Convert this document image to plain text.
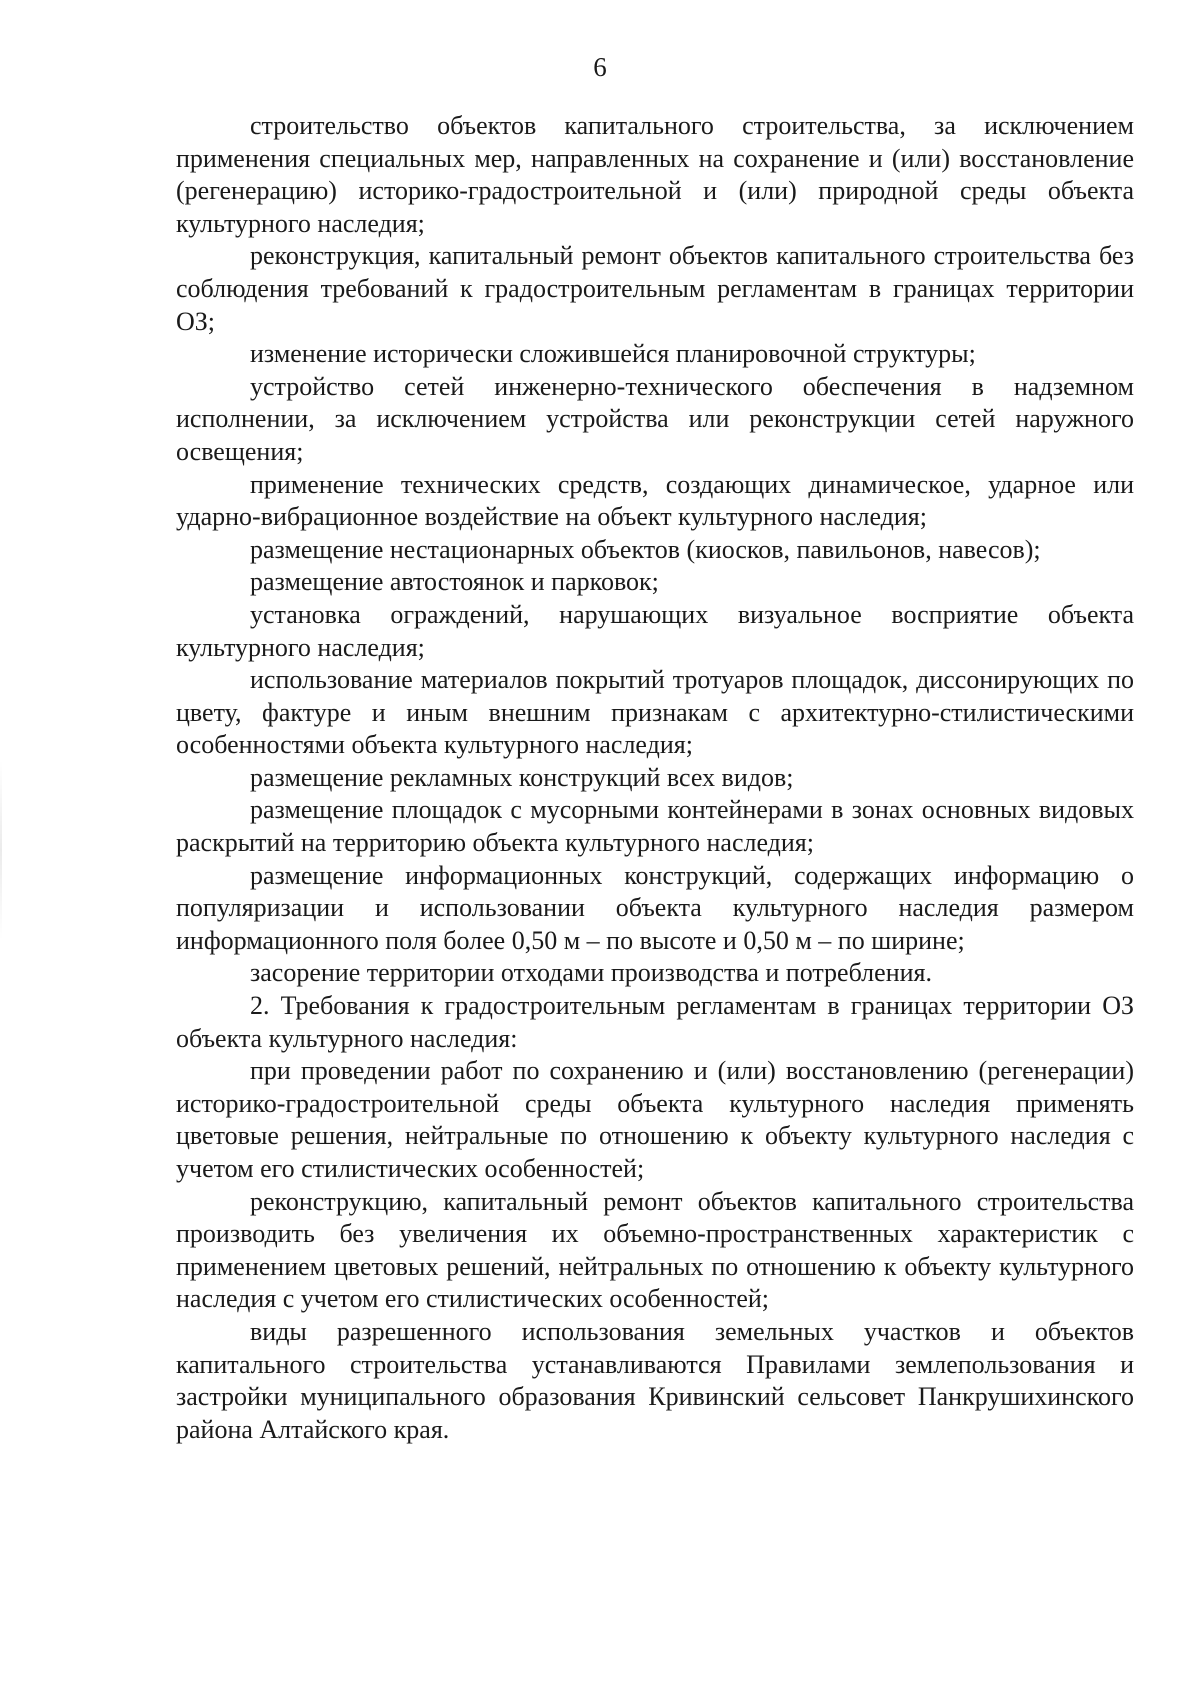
6

строительство объектов капитального строительства, за исключением применения специальных мер, направленных на сохранение и (или) восстановление (регенерацию) историко-градостроительной и (или) природной среды объекта культурного наследия;

реконструкция, капитальный ремонт объектов капитального строительства без соблюдения требований к градостроительным регламентам в границах территории ОЗ;

изменение исторически сложившейся планировочной структуры;

устройство сетей инженерно-технического обеспечения в надземном исполнении, за исключением устройства или реконструкции сетей наружного освещения;

применение технических средств, создающих динамическое, ударное или ударно-вибрационное воздействие на объект культурного наследия;

размещение нестационарных объектов (киосков, павильонов, навесов);

размещение автостоянок и парковок;

установка ограждений, нарушающих визуальное восприятие объекта культурного наследия;

использование материалов покрытий тротуаров площадок, диссонирующих по цвету, фактуре и иным внешним признакам с архитектурно-стилистическими особенностями объекта культурного наследия;

размещение рекламных конструкций всех видов;

размещение площадок с мусорными контейнерами в зонах основных видовых раскрытий на территорию объекта культурного наследия;

размещение информационных конструкций, содержащих информацию о популяризации и использовании объекта культурного наследия размером информационного поля более 0,50 м – по высоте и 0,50 м – по ширине;

засорение территории отходами производства и потребления.

2. Требования к градостроительным регламентам в границах территории ОЗ объекта культурного наследия:

при проведении работ по сохранению и (или) восстановлению (регенерации) историко-градостроительной среды объекта культурного наследия применять цветовые решения, нейтральные по отношению к объекту культурного наследия с учетом его стилистических особенностей;

реконструкцию, капитальный ремонт объектов капитального строительства производить без увеличения их объемно-пространственных характеристик с применением цветовых решений, нейтральных по отношению к объекту культурного наследия с учетом его стилистических особенностей;

виды разрешенного использования земельных участков и объектов капитального строительства устанавливаются Правилами землепользования и застройки муниципального образования Кривинский сельсовет Панкрушихинского района Алтайского края.
